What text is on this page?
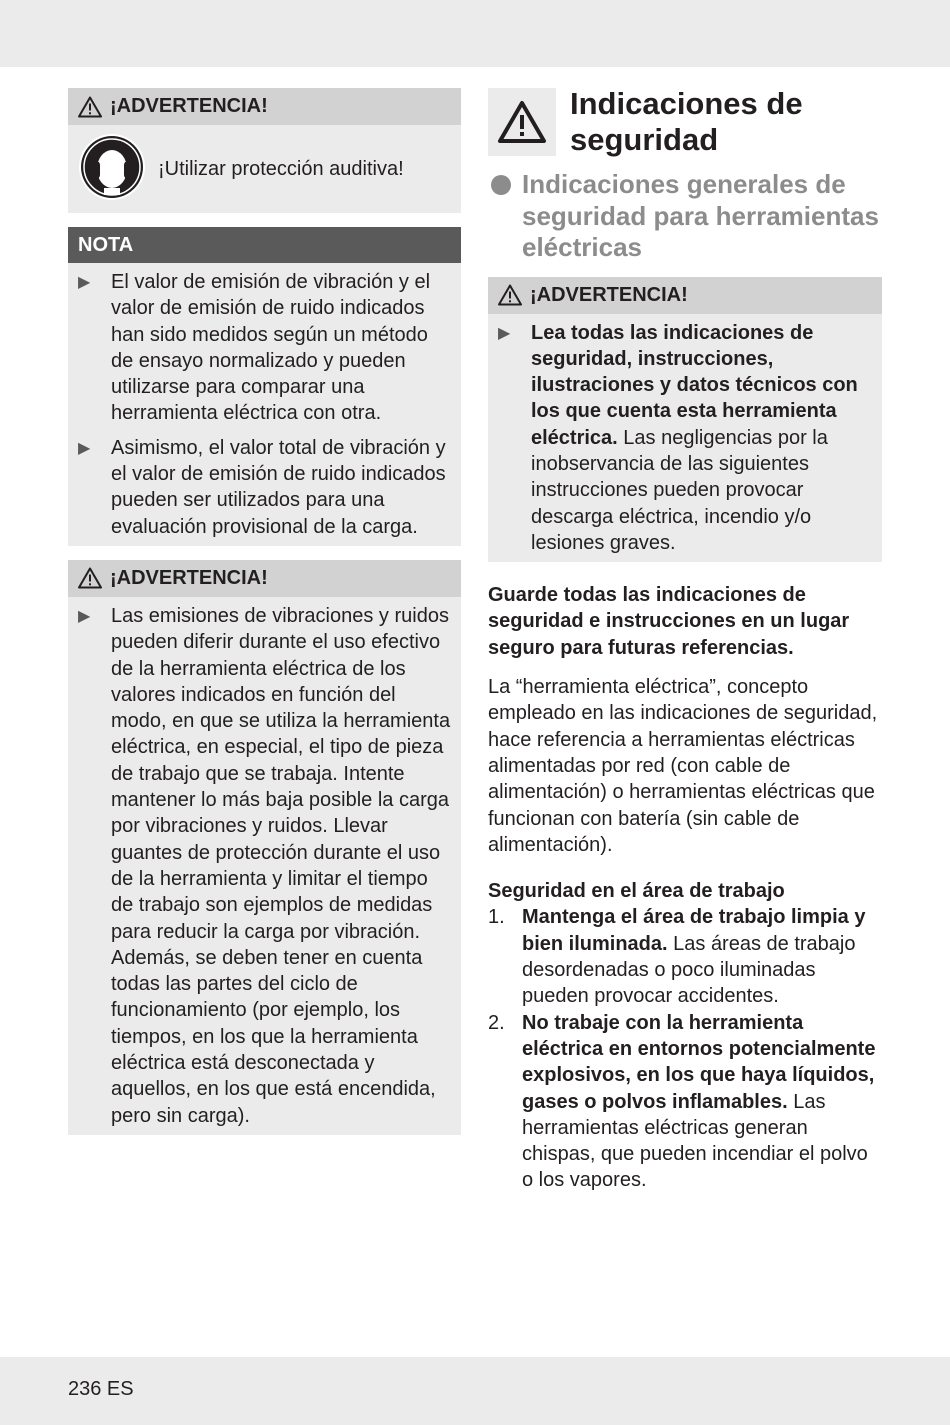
¡ADVERTENCIA!
¡Utilizar protección auditiva!
NOTA
▶	El valor de emisión de vibración y el valor de emisión de ruido indicados han sido medidos según un método de ensayo normalizado y pueden utilizarse para comparar una herramienta eléctrica con otra.
▶	Asimismo, el valor total de vibración y el valor de emisión de ruido indicados pueden ser utilizados para una evaluación provisional de la carga.
¡ADVERTENCIA!
▶	Las emisiones de vibraciones y ruidos pueden diferir durante el uso efectivo de la herramienta eléctrica de los valores indicados en función del modo, en que se utiliza la herramienta eléctrica, en especial, el tipo de pieza de trabajo que se trabaja. Intente mantener lo más baja posible la carga por vibraciones y ruidos. Llevar guantes de protección durante el uso de la herramienta y limitar el tiempo de trabajo son ejemplos de medidas para reducir la carga por vibración. Además, se deben tener en cuenta todas las partes del ciclo de funcionamiento (por ejemplo, los tiempos, en los que la herramienta eléctrica está desconectada y aquellos, en los que está encendida, pero sin carga).
Indicaciones de seguridad
Indicaciones generales de seguridad para herramientas eléctricas
¡ADVERTENCIA!
▶	Lea todas las indicaciones de seguridad, instrucciones, ilustraciones y datos técnicos con los que cuenta esta herramienta eléctrica. Las negligencias por la inobservancia de las siguientes instrucciones pueden provocar descarga eléctrica, incendio y/o lesiones graves.
Guarde todas las indicaciones de seguridad e instrucciones en un lugar seguro para futuras referencias.
La “herramienta eléctrica”, concepto empleado en las indicaciones de seguridad, hace referencia a herramientas eléctricas alimentadas por red (con cable de alimentación) o herramientas eléctricas que funcionan con batería (sin cable de alimentación).
Seguridad en el área de trabajo
1. Mantenga el área de trabajo limpia y bien iluminada. Las áreas de trabajo desordenadas o poco iluminadas pueden provocar accidentes.
2. No trabaje con la herramienta eléctrica en entornos potencialmente explosivos, en los que haya líquidos, gases o polvos inflamables. Las herramientas eléctricas generan chispas, que pueden incendiar el polvo o los vapores.
236 ES
